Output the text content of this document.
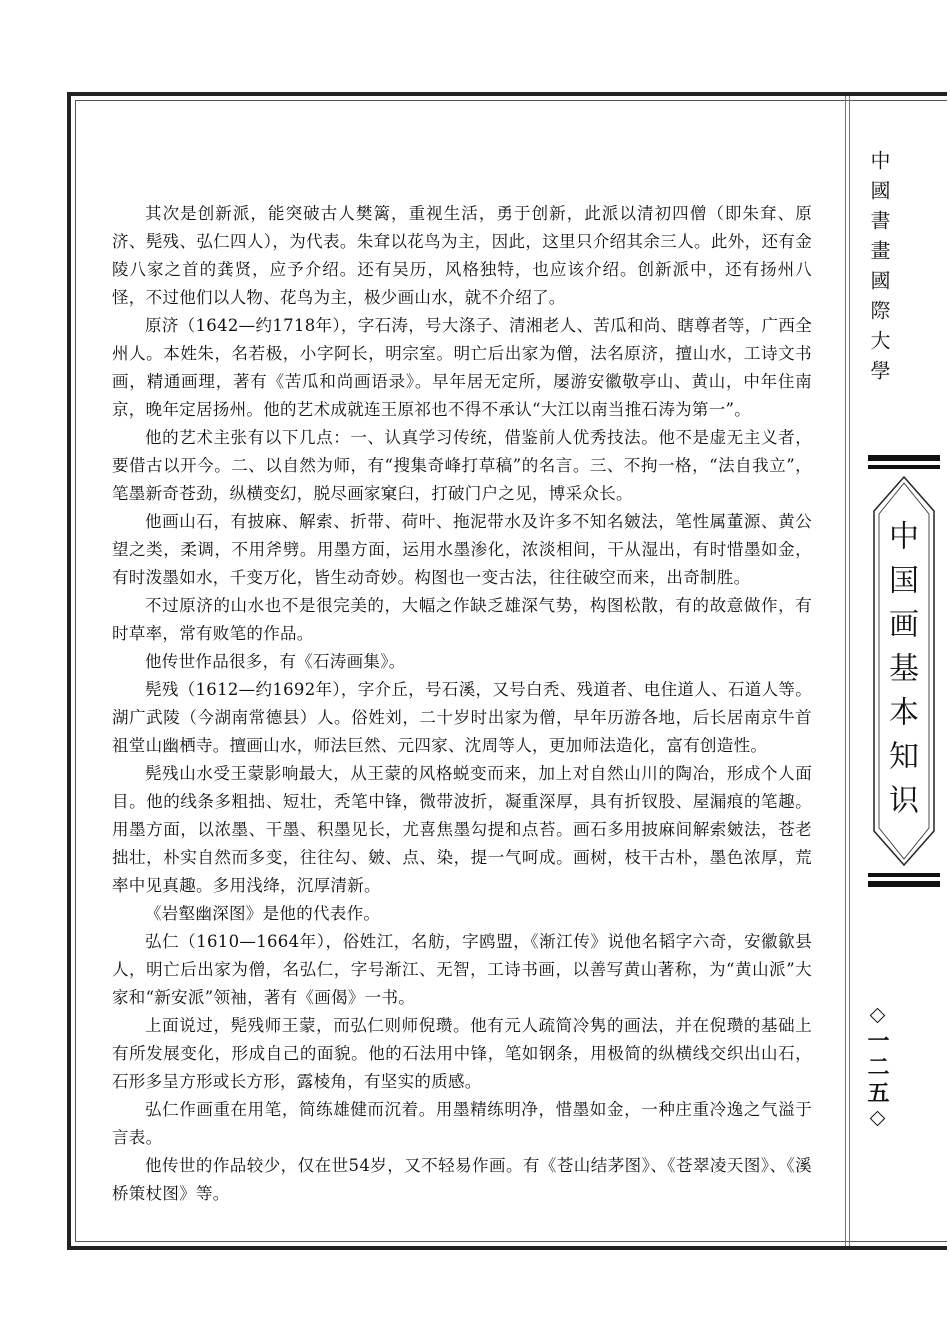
其次是创新派，能突破古人樊篱，重视生活，勇于创新，此派以清初四僧（即朱耷、原济、髡残、弘仁四人），为代表。朱耷以花鸟为主，因此，这里只介绍其余三人。此外，还有金陵八家之首的龚贤，应予介绍。还有吴历，风格独特，也应该介绍。创新派中，还有扬州八怪，不过他们以人物、花鸟为主，极少画山水，就不介绍了。

原济（1642—约1718年），字石涛，号大涤子、清湘老人、苦瓜和尚、瞎尊者等，广西全州人。本姓朱，名若极，小字阿长，明宗室。明亡后出家为僧，法名原济，擅山水，工诗文书画，精通画理，著有《苦瓜和尚画语录》。早年居无定所，屡游安徽敬亭山、黄山，中年住南京，晚年定居扬州。他的艺术成就连王原祁也不得不承认“大江以南当推石涛为第一”。

他的艺术主张有以下几点：一、认真学习传统，借鉴前人优秀技法。他不是虚无主义者，要借古以开今。二、以自然为师，有“搜集奇峰打草稿”的名言。三、不拘一格，“法自我立”，笔墨新奇苍劲，纵横变幻，脱尽画家窠臼，打破门户之见，博采众长。

他画山石，有披麻、解索、折带、荷叶、拖泥带水及许多不知名皴法，笔性属董源、黄公望之类，柔调，不用斧劈。用墨方面，运用水墨渗化，浓淡相间，干从湿出，有时惜墨如金，有时泼墨如水，千变万化，皆生动奇妙。构图也一变古法，往往破空而来，出奇制胜。

不过原济的山水也不是很完美的，大幅之作缺乏雄深气势，构图松散，有的故意做作，有时草率，常有败笔的作品。

他传世作品很多，有《石涛画集》。

髡残（1612—约1692年），字介丘，号石溪，又号白秃、残道者、电住道人、石道人等。湖广武陵（今湖南常德县）人。俗姓刘，二十岁时出家为僧，早年历游各地，后长居南京牛首祖堂山幽栖寺。擅画山水，师法巨然、元四家、沈周等人，更加师法造化，富有创造性。

髡残山水受王蒙影响最大，从王蒙的风格蜕变而来，加上对自然山川的陶冶，形成个人面目。他的线条多粗拙、短壮，秃笔中锋，微带波折，凝重深厚，具有折钗股、屋漏痕的笔趣。用墨方面，以浓墨、干墨、积墨见长，尤喜焦墨勾提和点苔。画石多用披麻间解索皴法，苍老拙壮，朴实自然而多变，往往勾、皴、点、染，提一气呵成。画树，枝干古朴，墨色浓厚，荒率中见真趣。多用浅绛，沉厚清新。

《岩壑幽深图》是他的代表作。

弘仁（1610—1664年），俗姓江，名舫，字鸥盟，《渐江传》说他名韬字六奇，安徽歙县人，明亡后出家为僧，名弘仁，字号渐江、无智，工诗书画，以善写黄山著称，为“黄山派”大家和“新安派”领袖，著有《画偈》一书。

上面说过，髡残师王蒙，而弘仁则师倪瓒。他有元人疏简冷隽的画法，并在倪瓒的基础上有所发展变化，形成自己的面貌。他的石法用中锋，笔如钢条，用极简的纵横线交织出山石，石形多呈方形或长方形，露棱角，有坚实的质感。

弘仁作画重在用笔，简练雄健而沉着。用墨精练明净，惜墨如金，一种庄重冷逸之气溢于言表。

他传世的作品较少，仅在世54岁，又不轻易作画。有《苍山结茅图》、《苍翠凌天图》、《溪桥策杖图》等。

中國書畫國際大學
中国画基本知识
一二五
